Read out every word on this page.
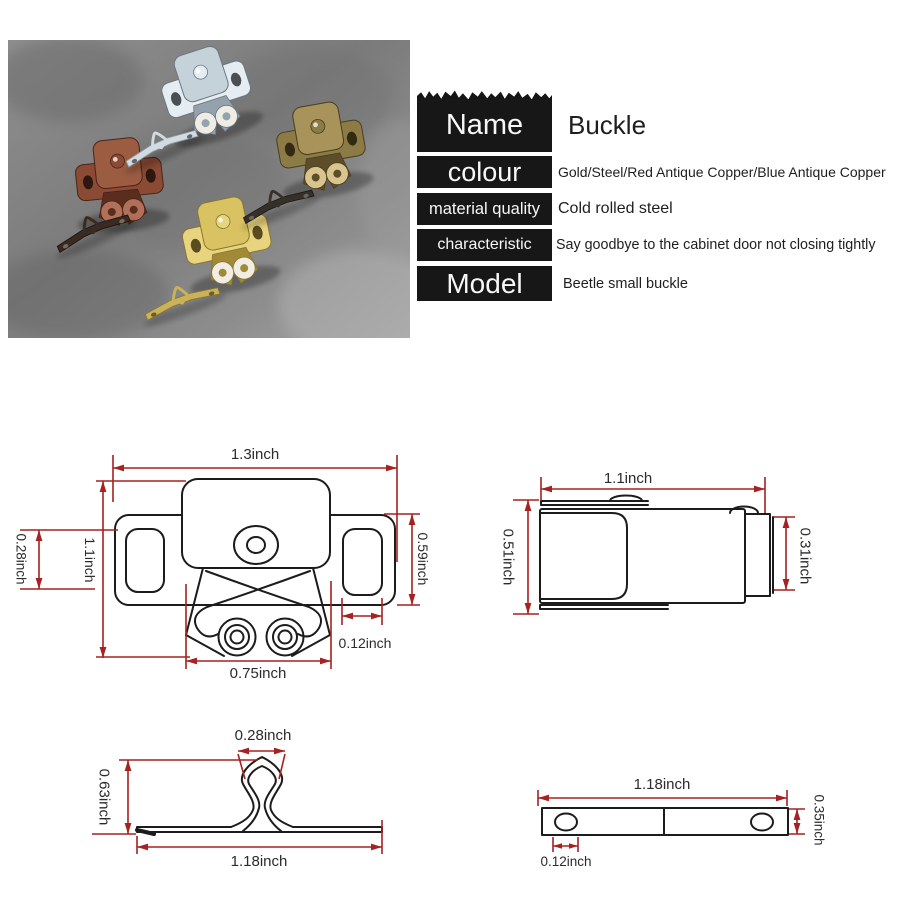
Name Buckle
colour	Gold/Steel/Red Antique Copper/Blue Antique Copper
material quality Cold rolled steel
characteristic Say goodbye to the cabinet door not closing tightly
Model	Beetle small buckle
1.3inch
1.1inch
0.28inch	0.59inch
0.12inch
0.75inch
1.1inch
0.51inch	0.31inch
0.28inch
0.63inch
1.18inch
1.18inch
0.35inch
0.12inch
